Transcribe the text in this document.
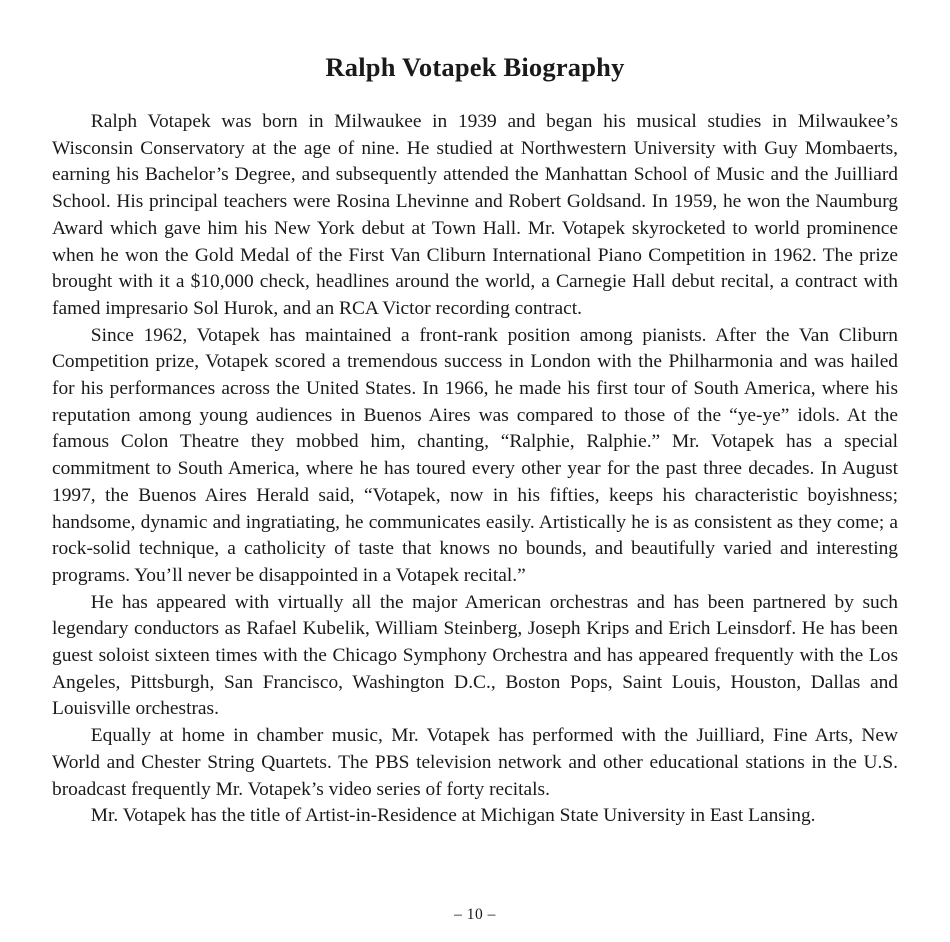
Ralph Votapek Biography

Ralph Votapek was born in Milwaukee in 1939 and began his musical studies in Milwaukee’s Wisconsin Conservatory at the age of nine. He studied at Northwestern University with Guy Mombaerts, earning his Bachelor’s Degree, and subsequently attended the Manhattan School of Music and the Juilliard School. His principal teachers were Rosina Lhevinne and Robert Goldsand. In 1959, he won the Naumburg Award which gave him his New York debut at Town Hall. Mr. Votapek skyrocketed to world prominence when he won the Gold Medal of the First Van Cliburn International Piano Competition in 1962. The prize brought with it a $10,000 check, headlines around the world, a Carnegie Hall debut recital, a contract with famed impresario Sol Hurok, and an RCA Victor recording contract.

Since 1962, Votapek has maintained a front-rank position among pianists. After the Van Cliburn Competition prize, Votapek scored a tremendous success in London with the Philharmonia and was hailed for his performances across the United States. In 1966, he made his first tour of South America, where his reputation among young audiences in Buenos Aires was compared to those of the “ye-ye” idols. At the famous Colon Theatre they mobbed him, chanting, “Ralphie, Ralphie.” Mr. Votapek has a special commitment to South America, where he has toured every other year for the past three decades. In August 1997, the Buenos Aires Herald said, “Votapek, now in his fifties, keeps his characteristic boyishness; handsome, dynamic and ingratiating, he communicates easily. Artistically he is as consistent as they come; a rock-solid technique, a catholicity of taste that knows no bounds, and beautifully varied and interesting programs. You’ll never be disappointed in a Votapek recital.”

He has appeared with virtually all the major American orchestras and has been partnered by such legendary conductors as Rafael Kubelik, William Steinberg, Joseph Krips and Erich Leinsdorf. He has been guest soloist sixteen times with the Chicago Symphony Orchestra and has appeared frequently with the Los Angeles, Pittsburgh, San Francisco, Washington D.C., Boston Pops, Saint Louis, Houston, Dallas and Louisville orchestras.

Equally at home in chamber music, Mr. Votapek has performed with the Juilliard, Fine Arts, New World and Chester String Quartets. The PBS television network and other educational stations in the U.S. broadcast frequently Mr. Votapek’s video series of forty recitals.

Mr. Votapek has the title of Artist-in-Residence at Michigan State University in East Lansing.

– 10 –
